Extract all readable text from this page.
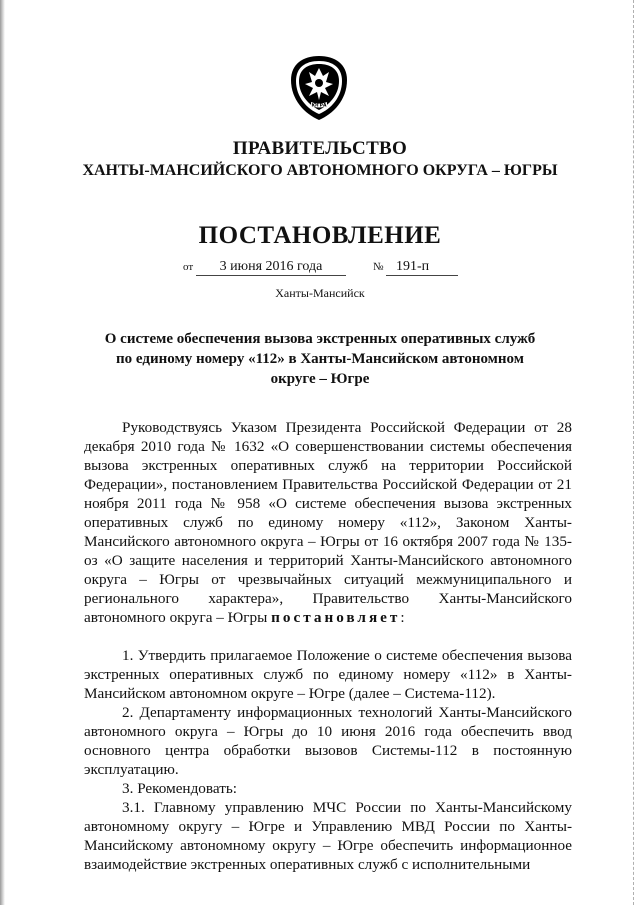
ЮГРА
ПРАВИТЕЛЬСТВО
ХАНТЫ-МАНСИЙСКОГО АВТОНОМНОГО ОКРУГА – ЮГРЫ
ПОСТАНОВЛЕНИЕ
от	3 июня 2016 года	№ 191-п
Ханты-Мансийск
О системе обеспечения вызова экстренных оперативных служб
по единому номеру «112» в Ханты-Мансийском автономном
округе – Югре

Руководствуясь Указом Президента Российской Федерации от 28 декабря 2010 года № 1632 «О совершенствовании системы обеспечения вызова экстренных оперативных служб на территории Российской Федерации», постановлением Правительства Российской Федерации от 21 ноября 2011 года № 958 «О системе обеспечения вызова экстренных оперативных служб по единому номеру «112», Законом Ханты-Мансийского автономного округа – Югры от 16 октября 2007 года № 135-оз «О защите населения и территорий Ханты-Мансийского автономного округа – Югры от чрезвычайных ситуаций межмуниципального и регионального характера», Правительство Ханты-Мансийского автономного округа – Югры постановляет:

1. Утвердить прилагаемое Положение о системе обеспечения вызова экстренных оперативных служб по единому номеру «112» в Ханты-Мансийском автономном округе – Югре (далее – Система-112).

2. Департаменту информационных технологий Ханты-Мансийского автономного округа – Югры до 10 июня 2016 года обеспечить ввод основного центра обработки вызовов Системы-112 в постоянную эксплуатацию.

3. Рекомендовать:

3.1. Главному управлению МЧС России по Ханты-Мансийскому автономному округу – Югре и Управлению МВД России по Ханты-Мансийскому автономному округу – Югре обеспечить информационное взаимодействие экстренных оперативных служб с исполнительными
